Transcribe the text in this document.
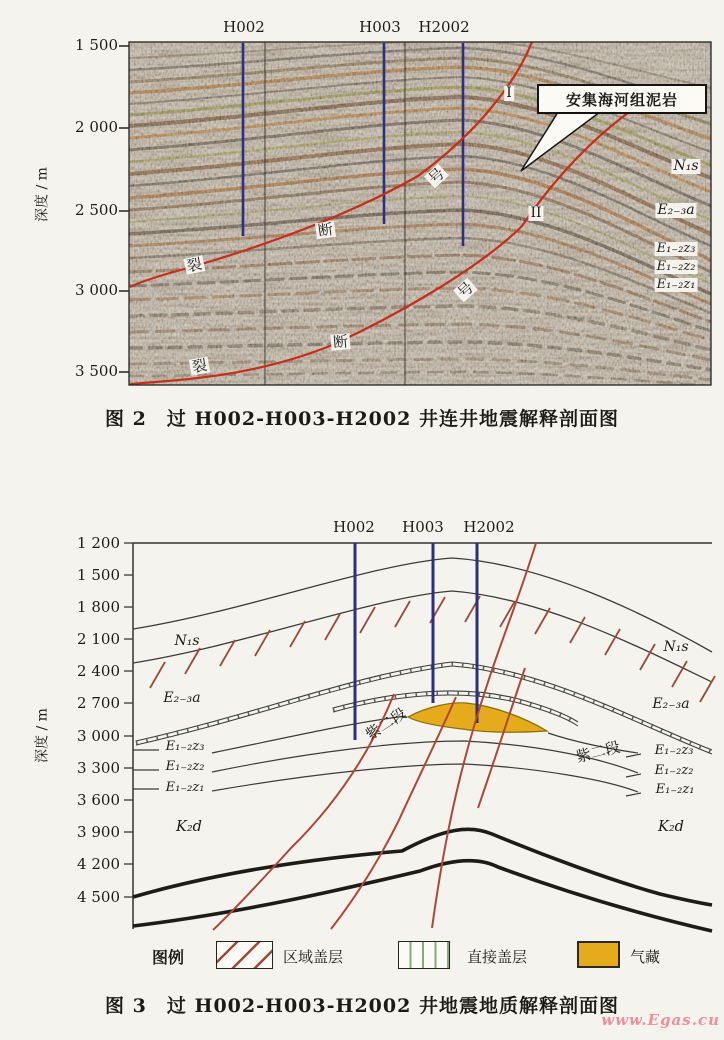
H002	H003 H2002
1 500
2 000
2 500
3 000
3 500
深度 / m
I
号
断
裂
II
号
断
裂
N₁s
E₂₋₃a
E₁₋₂z₃
E₁₋₂z₂
E₁₋₂z₁
安集海河组泥岩
图 2　过 H002-H003-H2002 井连井地震解释剖面图
H002 H003 H2002
1 200
1 500
1 800
2 100
2 400
2 700
3 000
3 300
3 600
3 900
4 200
4 500
深度 / m
N₁s
E₂₋₃a
紫二段
E₁₋₂z₃
E₁₋₂z₂
E₁₋₂z₁
K₂d
N₁s
E₂₋₃a
紫二段	E₁₋₂z₃
E₁₋₂z₂
E₁₋₂z₁
K₂d
图 3　过 H002-H003-H2002 井地震地质解释剖面图
图例	区域盖层	直接盖层	气藏
www.Egas.cu
